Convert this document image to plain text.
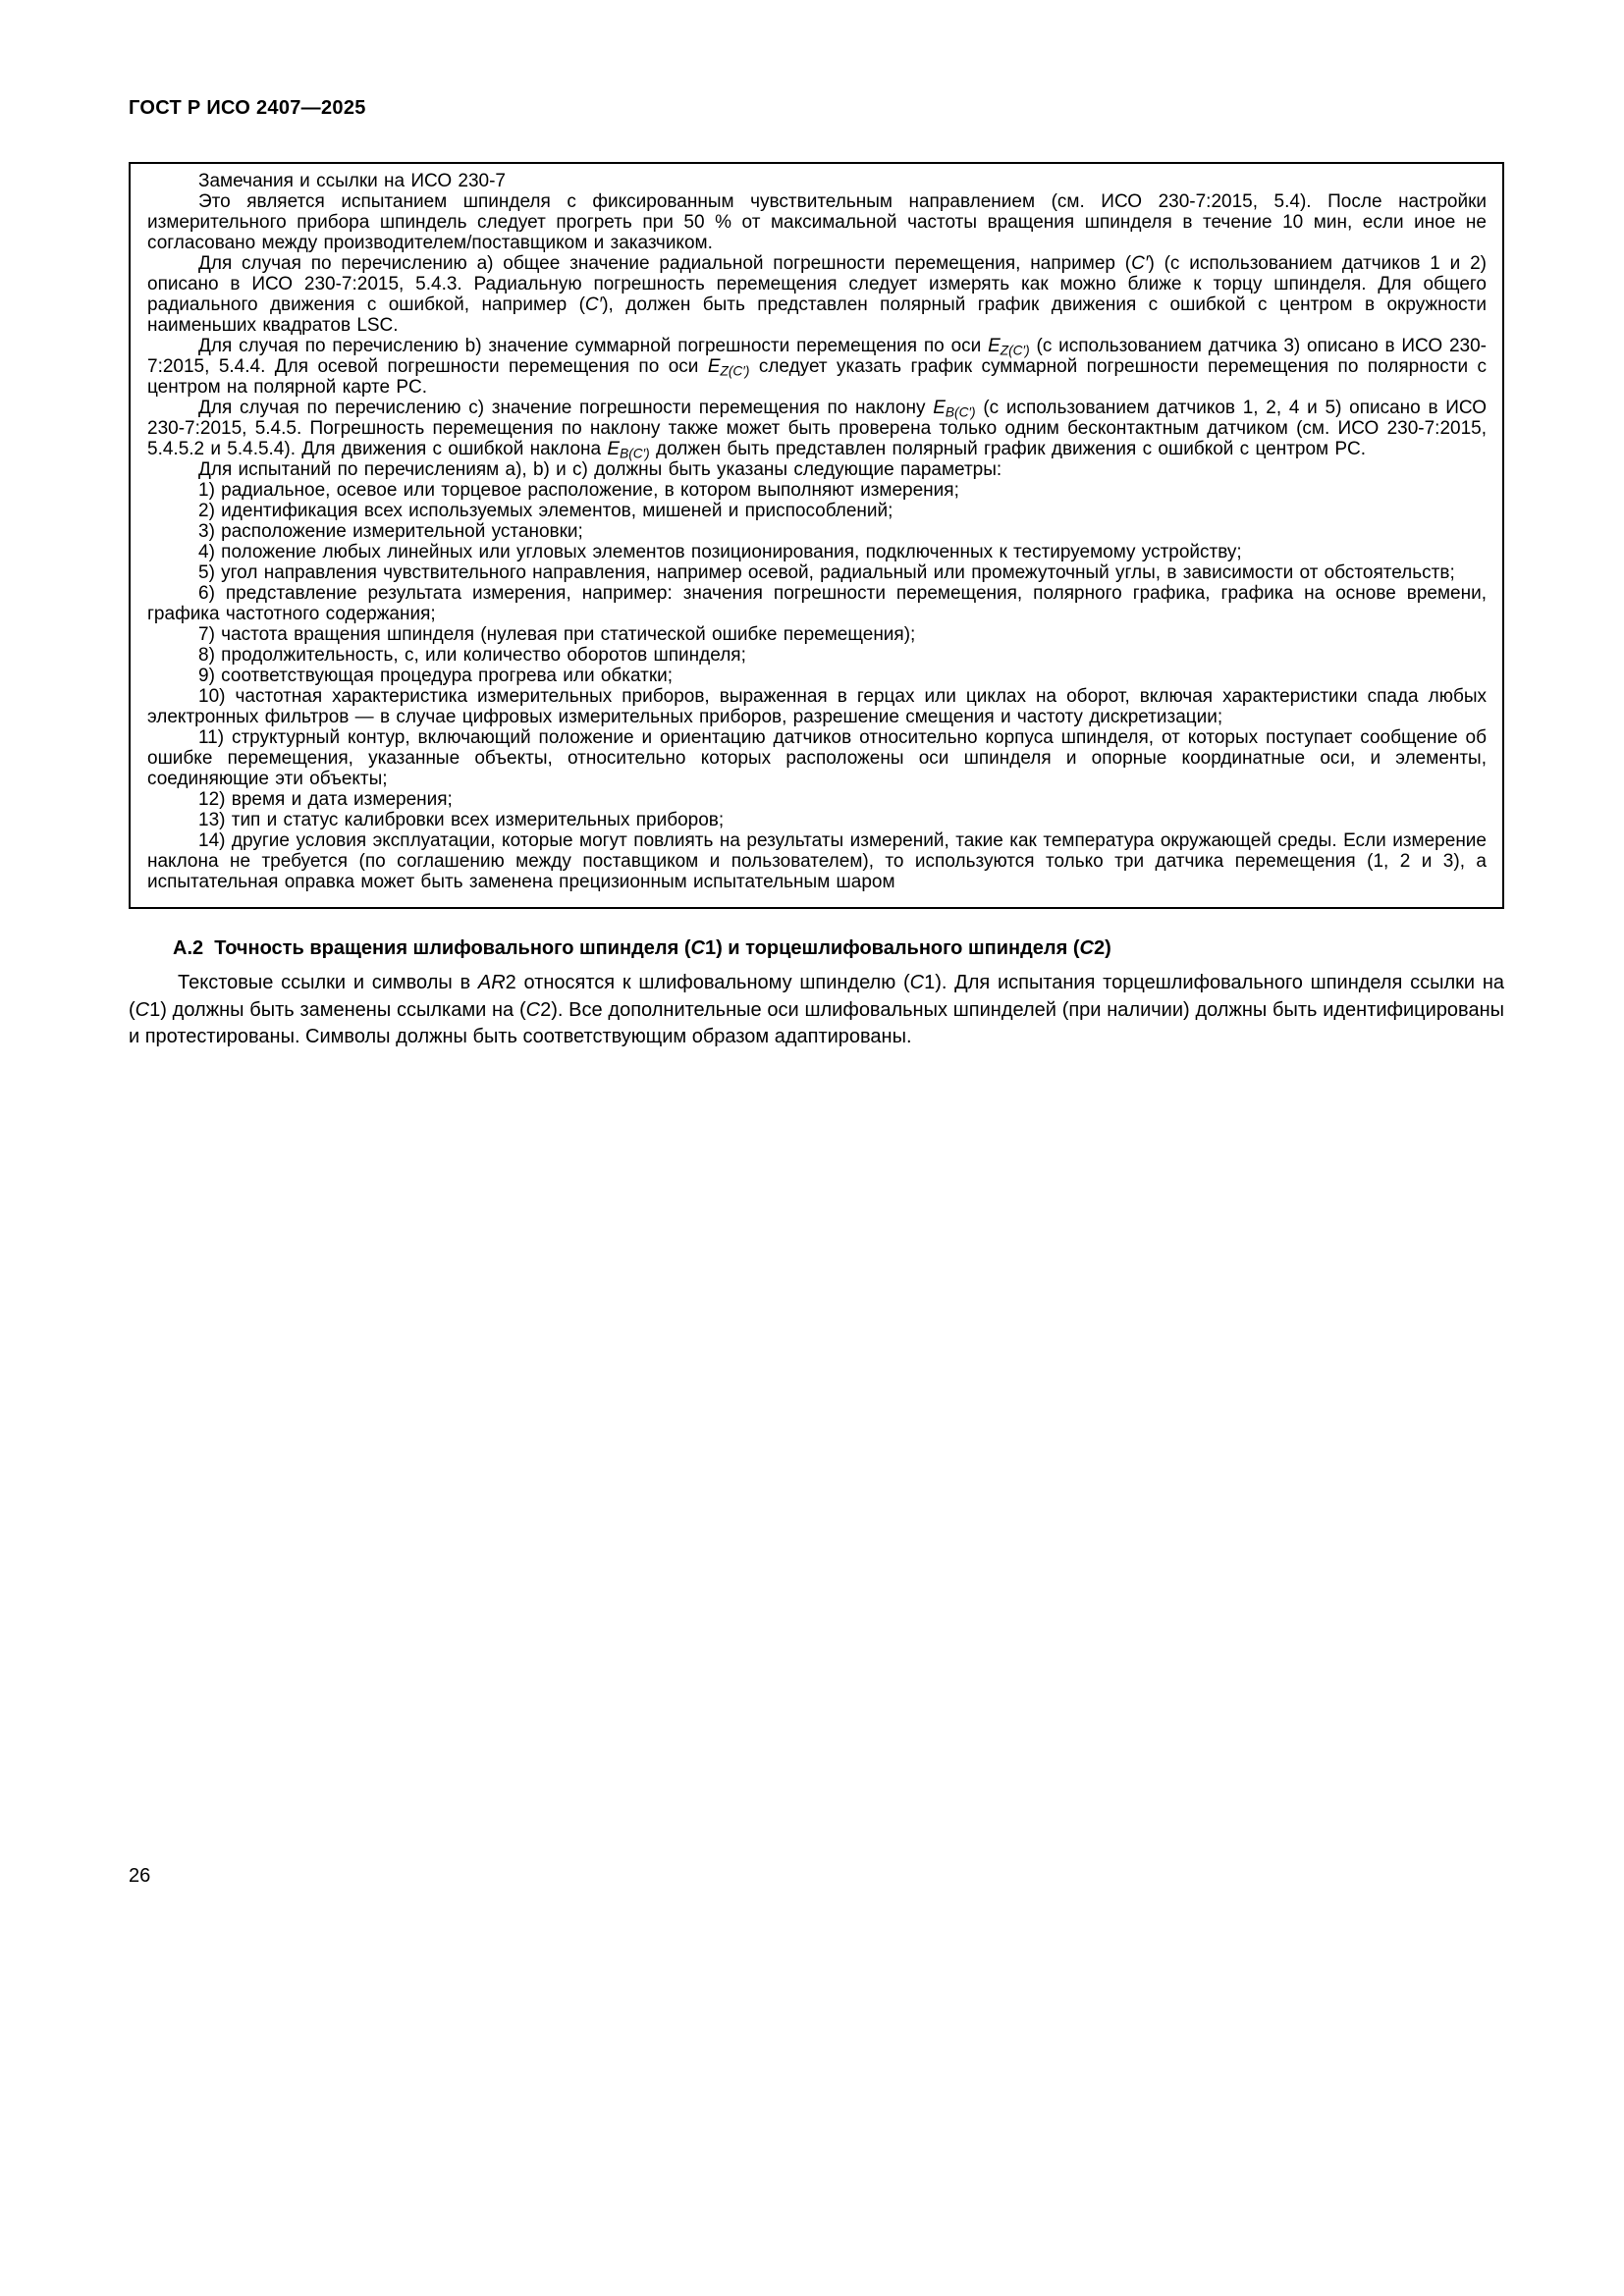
ГОСТ Р ИСО 2407—2025

Замечания и ссылки на ИСО 230-7

Это является испытанием шпинделя с фиксированным чувствительным направлением (см. ИСО 230-7:2015, 5.4). После настройки измерительного прибора шпиндель следует прогреть при 50 % от максимальной частоты вращения шпинделя в течение 10 мин, если иное не согласовано между производителем/поставщиком и заказчиком.

Для случая по перечислению a) общее значение радиальной погрешности перемещения, например (C′) (с использованием датчиков 1 и 2) описано в ИСО 230-7:2015, 5.4.3. Радиальную погрешность перемещения следует измерять как можно ближе к торцу шпинделя. Для общего радиального движения с ошибкой, например (C′), должен быть представлен полярный график движения с ошибкой с центром в окружности наименьших квадратов LSC.

Для случая по перечислению b) значение суммарной погрешности перемещения по оси $E_{Z(C')}$ (с использованием датчика 3) описано в ИСО 230-7:2015, 5.4.4. Для осевой погрешности перемещения по оси $E_{Z(C')}$ следует указать график суммарной погрешности перемещения по полярности с центром на полярной карте PC.

Для случая по перечислению c) значение погрешности перемещения по наклону $E_{B(C')}$ (с использованием датчиков 1, 2, 4 и 5) описано в ИСО 230-7:2015, 5.4.5. Погрешность перемещения по наклону также может быть проверена только одним бесконтактным датчиком (см. ИСО 230-7:2015, 5.4.5.2 и 5.4.5.4). Для движения с ошибкой наклона $E_{B(C')}$ должен быть представлен полярный график движения с ошибкой с центром PC.

Для испытаний по перечислениям a), b) и c) должны быть указаны следующие параметры:

1) радиальное, осевое или торцевое расположение, в котором выполняют измерения;

2) идентификация всех используемых элементов, мишеней и приспособлений;

3) расположение измерительной установки;

4) положение любых линейных или угловых элементов позиционирования, подключенных к тестируемому устройству;

5) угол направления чувствительного направления, например осевой, радиальный или промежуточный углы, в зависимости от обстоятельств;

6) представление результата измерения, например: значения погрешности перемещения, полярного графика, графика на основе времени, графика частотного содержания;

7) частота вращения шпинделя (нулевая при статической ошибке перемещения);

8) продолжительность, с, или количество оборотов шпинделя;

9) соответствующая процедура прогрева или обкатки;

10) частотная характеристика измерительных приборов, выраженная в герцах или циклах на оборот, включая характеристики спада любых электронных фильтров — в случае цифровых измерительных приборов, разрешение смещения и частоту дискретизации;

11) структурный контур, включающий положение и ориентацию датчиков относительно корпуса шпинделя, от которых поступает сообщение об ошибке перемещения, указанные объекты, относительно которых расположены оси шпинделя и опорные координатные оси, и элементы, соединяющие эти объекты;

12) время и дата измерения;

13) тип и статус калибровки всех измерительных приборов;

14) другие условия эксплуатации, которые могут повлиять на результаты измерений, такие как температура окружающей среды. Если измерение наклона не требуется (по соглашению между поставщиком и пользователем), то используются только три датчика перемещения (1, 2 и 3), а испытательная оправка может быть заменена прецизионным испытательным шаром

А.2  Точность вращения шлифовального шпинделя (C1) и торцешлифовального шпинделя (C2)
Текстовые ссылки и символы в AR2 относятся к шлифовальному шпинделю (C1). Для испытания торцешлифовального шпинделя ссылки на (C1) должны быть заменены ссылками на (C2). Все дополнительные оси шлифовальных шпинделей (при наличии) должны быть идентифицированы и протестированы. Символы должны быть соответствующим образом адаптированы.
26
